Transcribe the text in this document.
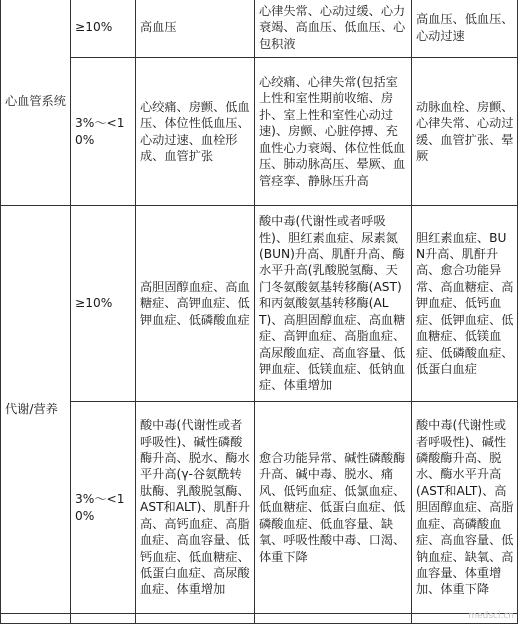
心血管系统	≥10%	高血压	心律失常、心动过缓、心力衰竭、高血压、低血压、心包积液	高血压、低血压、心动过速
	3%～<10%	心绞痛、房颤、低血压、体位性低血压、心动过速、血栓形成、血管扩张	心绞痛、心律失常(包括室上性和室性期前收缩、房扑、室上性和室性心动过速)、房颤、心脏停搏、充血性心力衰竭、体位性低血压、肺动脉高压、晕厥、血管痉挛、静脉压升高	动脉血栓、房颤、心律失常、心动过缓、血管扩张、晕厥
代谢/营养	≥10%	高胆固醇血症、高血糖症、高钾血症、低钾血症、低磷酸血症	酸中毒(代谢性或者呼吸性)、胆红素血症、尿素氮(BUN)升高、肌酐升高、酶水平升高(乳酸脱氢酶、天门冬氨酸氨基转移酶(AST)和丙氨酸氨基转移酶(ALT)、高胆固醇血症、高血糖症、高钾血症、高脂血症、高尿酸血症、高血容量、低钾血症、低镁血症、低钠血症、体重增加	胆红素血症、BUN升高、肌酐升高、愈合功能异常、高血糖症、高钾血症、低钙血症、低钾血症、低血糖症、低镁血症、低磷酸血症、低蛋白血症
	3%～<10%	酸中毒(代谢性或者呼吸性)、碱性磷酸酶升高、脱水、酶水平升高(γ-谷氨酰转肽酶、乳酸脱氢酶、AST和ALT)、肌酐升高、高钙血症、高脂血症、高血容量、低钙血症、低血糖症、低蛋白血症、高尿酸血症、体重增加	愈合功能异常、碱性磷酸酶升高、碱中毒、脱水、痛风、低钙血症、低氯血症、低血糖症、低蛋白血症、低磷酸血症、低血容量、缺氧、呼吸性酸中毒、口渴、体重下降	酸中毒(代谢性或者呼吸性)、碱性磷酸酶升高、脱水、酶水平升高(AST和ALT)、高胆固醇血症、高脂血症、高磷酸血症、高血容量、低钠血症、缺氧、高血容量、体重增加、体重下降

medsci.cn
